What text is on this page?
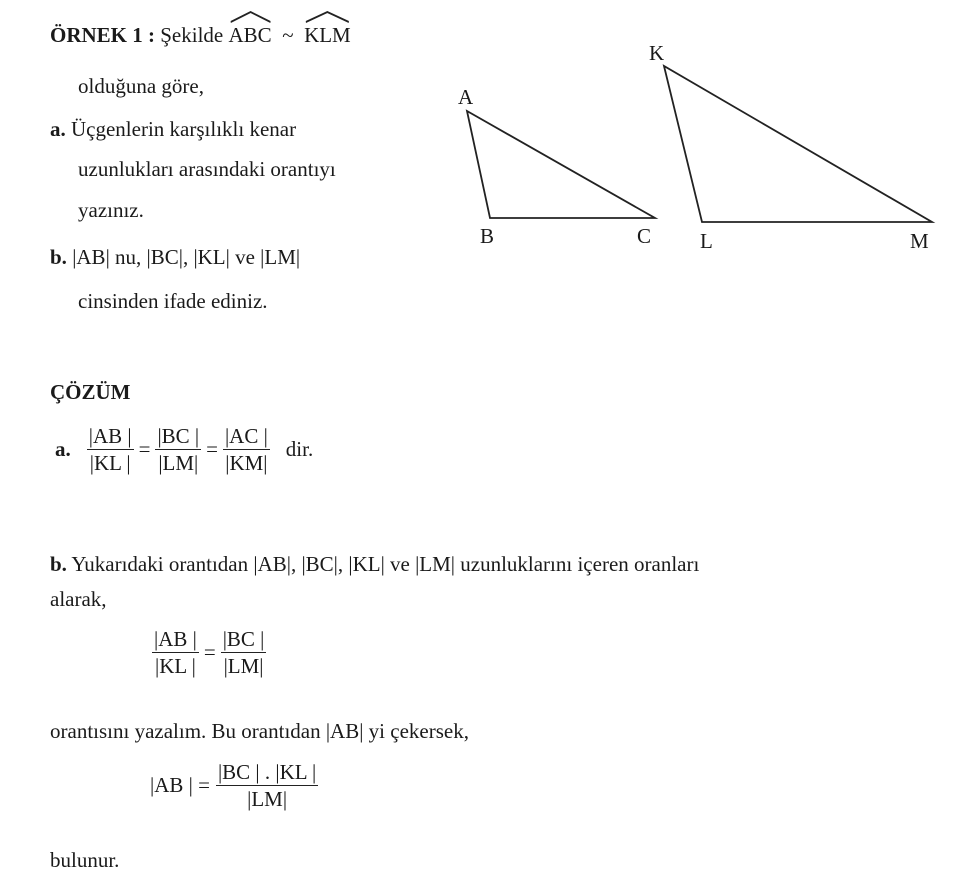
ÖRNEK 1 : Şekilde ABC ~ KLM
olduğuna göre,
a. Üçgenlerin karşılıklı kenar
uzunlukları arasındaki orantıyı
yazınız.
b. |AB| nu, |BC|, |KL| ve |LM|
cinsinden ifade ediniz.
A
B	C
K
L	M
ÇÖZÜM
a. $\frac{|AB |}{|KL |} = \frac{|BC |}{|LM|} = \frac{|AC |}{|KM|}$ dir.
b. Yukarıdaki orantıdan |AB|, |BC|, |KL| ve |LM| uzunluklarını içeren oranları
alarak,
$\frac{|AB |}{|KL |} = \frac{|BC |}{|LM|}$
orantısını yazalım. Bu orantıdan |AB| yi çekersek,
|AB | = $\frac{|BC | . |KL |}{|LM|}$
bulunur.
